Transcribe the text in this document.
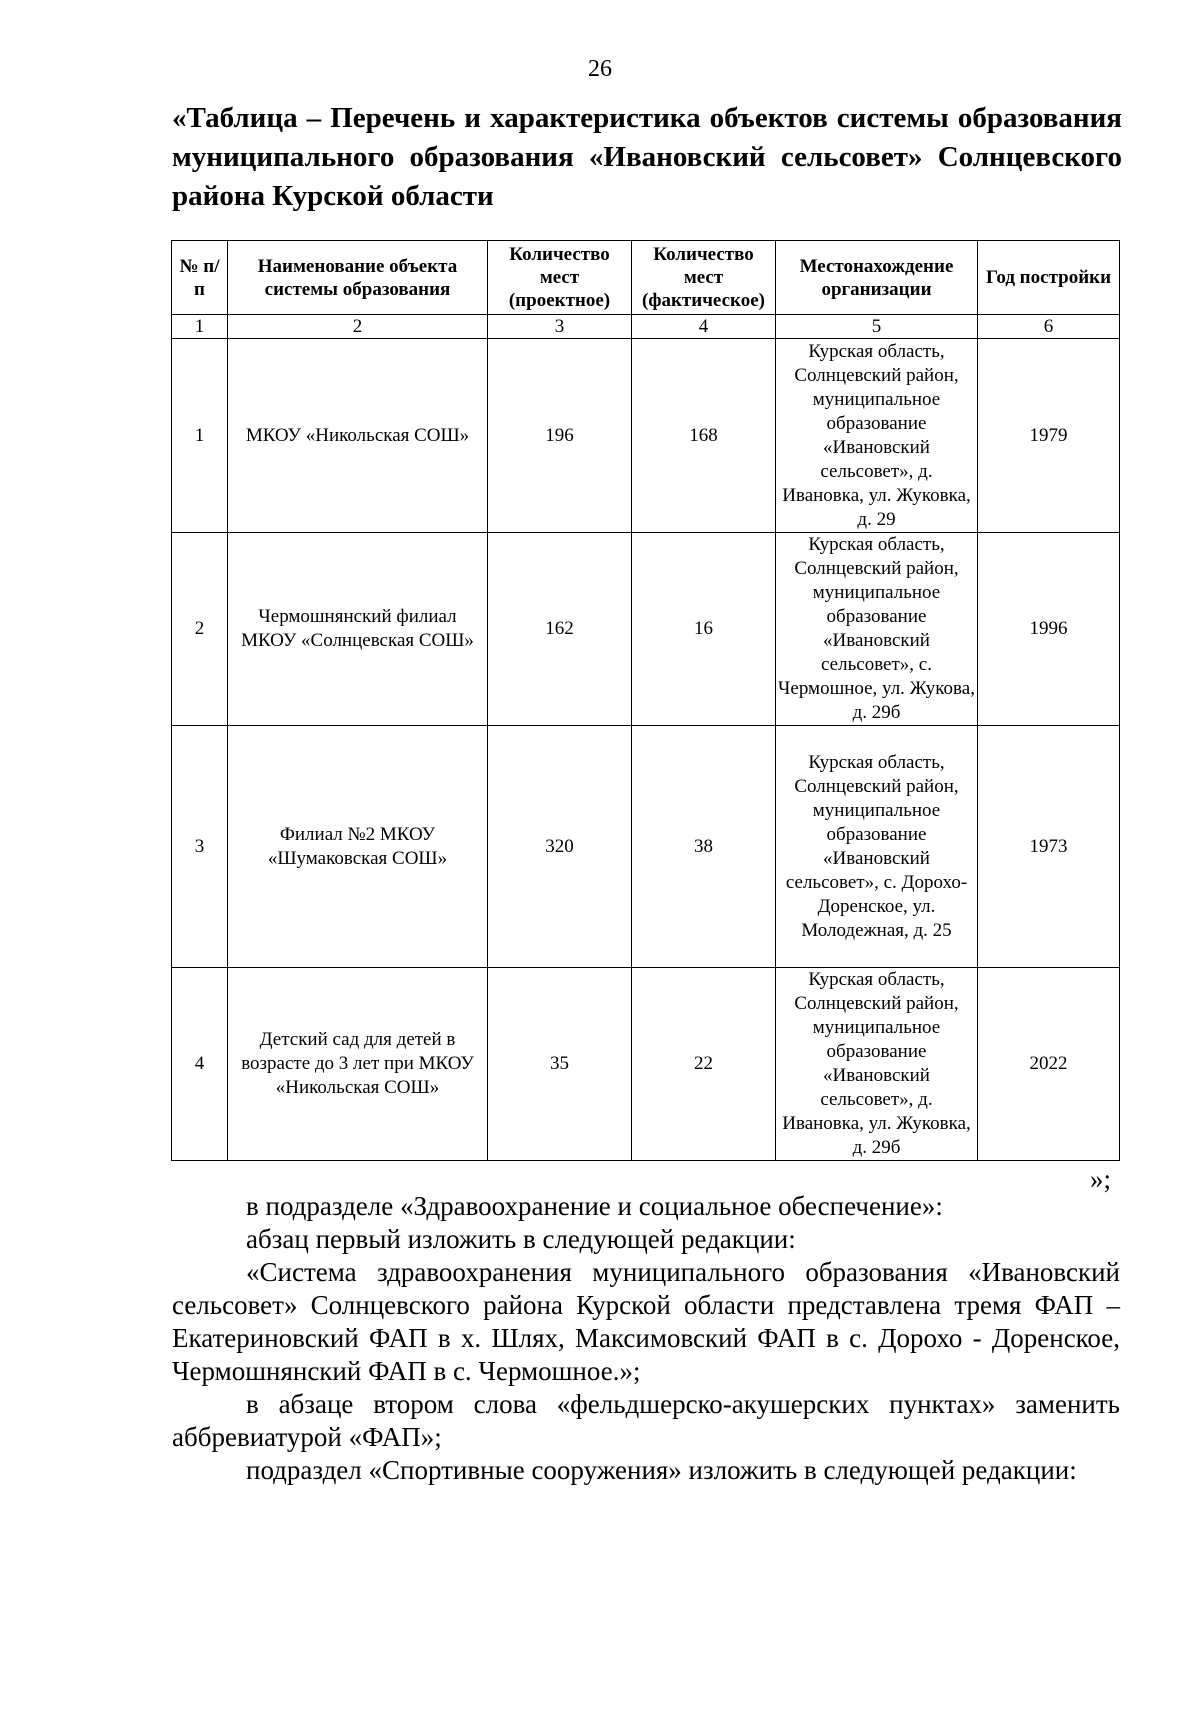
26
«Таблица – Перечень и характеристика объектов системы образования муниципального образования «Ивановский сельсовет» Солнцевского района Курской области
№ п/п	Наименование объекта системы образования	Количество мест (проектное)	Количество мест (фактическое)	Местонахождение организации	Год постройки
1	2	3	4	5	6
1	МКОУ «Никольская СОШ»	196	168	Курская область, Солнцевский район, муниципальное образование «Ивановский сельсовет», д. Ивановка, ул. Жуковка, д. 29	1979
2	Чермошнянский филиал МКОУ «Солнцевская СОШ»	162	16	Курская область, Солнцевский район, муниципальное образование «Ивановский сельсовет», с. Чермошное, ул. Жукова, д. 29б	1996
3	Филиал №2 МКОУ «Шумаковская СОШ»	320	38	Курская область, Солнцевский район, муниципальное образование «Ивановский сельсовет», с. Дорохо-Доренское, ул. Молодежная, д. 25	1973
4	Детский сад для детей в возрасте до 3 лет при МКОУ «Никольская СОШ»	35	22	Курская область, Солнцевский район, муниципальное образование «Ивановский сельсовет», д. Ивановка, ул. Жуковка, д. 29б	2022
»;

в подразделе «Здравоохранение и социальное обеспечение»:

абзац первый изложить в следующей редакции:

«Система здравоохранения муниципального образования «Ивановский сельсовет» Солнцевского района Курской области представлена тремя ФАП – Екатериновский ФАП в х. Шлях, Максимовский ФАП в с. Дорохо - Доренское, Чермошнянский ФАП в с. Чермошное.»;

в абзаце втором слова «фельдшерско-акушерских пунктах» заменить аббревиатурой «ФАП»;

подраздел «Спортивные сооружения» изложить в следующей редакции:
